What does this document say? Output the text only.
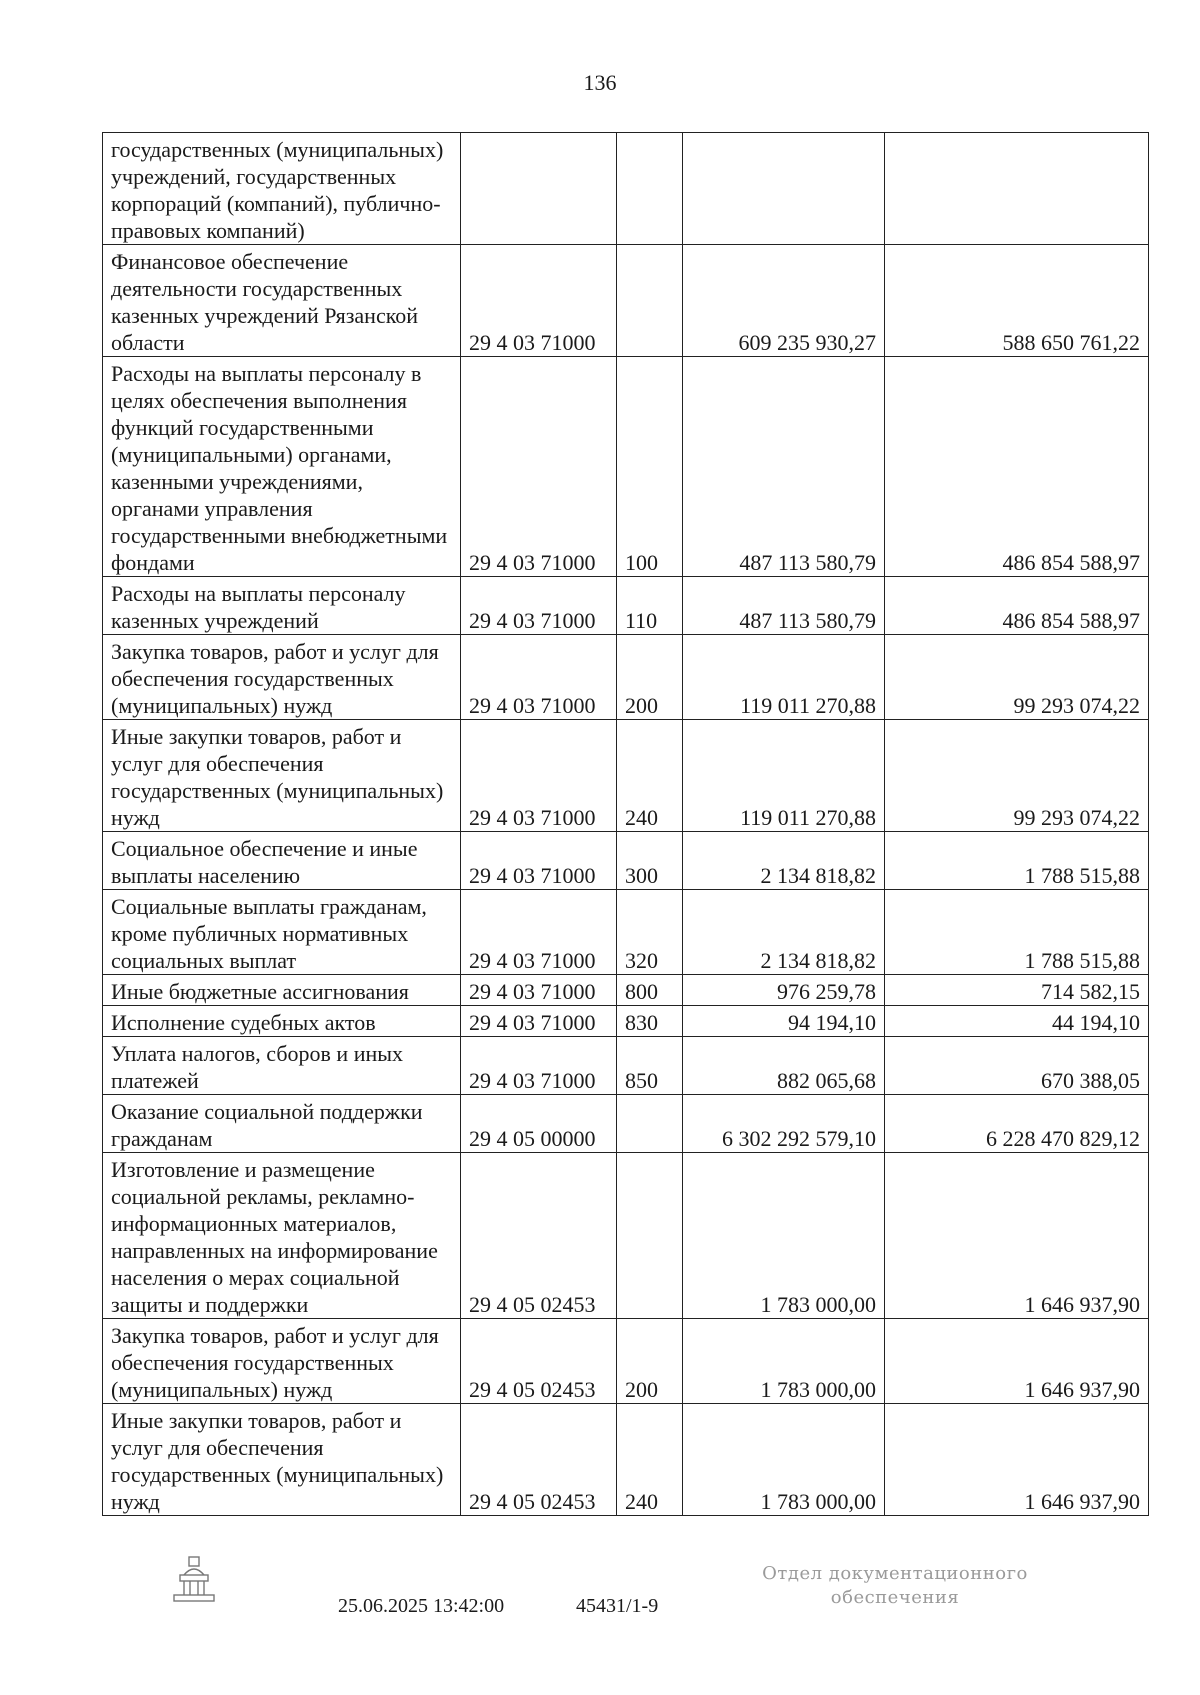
136
государственных (муниципальных) учреждений, государственных корпораций (компаний), публично-правовых компаний)				
Финансовое обеспечение деятельности государственных казенных учреждений Рязанской области	29 4 03 71000		609 235 930,27	588 650 761,22
Расходы на выплаты персоналу в целях обеспечения выполнения функций государственными (муниципальными) органами, казенными учреждениями, органами управления государственными внебюджетными фондами	29 4 03 71000	100	487 113 580,79	486 854 588,97
Расходы на выплаты персоналу казенных учреждений	29 4 03 71000	110	487 113 580,79	486 854 588,97
Закупка товаров, работ и услуг для обеспечения государственных (муниципальных) нужд	29 4 03 71000	200	119 011 270,88	99 293 074,22
Иные закупки товаров, работ и услуг для обеспечения государственных (муниципальных) нужд	29 4 03 71000	240	119 011 270,88	99 293 074,22
Социальное обеспечение и иные выплаты населению	29 4 03 71000	300	2 134 818,82	1 788 515,88
Социальные выплаты гражданам, кроме публичных нормативных социальных выплат	29 4 03 71000	320	2 134 818,82	1 788 515,88
Иные бюджетные ассигнования	29 4 03 71000	800	976 259,78	714 582,15
Исполнение судебных актов	29 4 03 71000	830	94 194,10	44 194,10
Уплата налогов, сборов и иных платежей	29 4 03 71000	850	882 065,68	670 388,05
Оказание социальной поддержки гражданам	29 4 05 00000		6 302 292 579,10	6 228 470 829,12
Изготовление и размещение социальной рекламы, рекламно-информационных материалов, направленных на информирование населения о мерах социальной защиты и поддержки	29 4 05 02453		1 783 000,00	1 646 937,90
Закупка товаров, работ и услуг для обеспечения государственных (муниципальных) нужд	29 4 05 02453	200	1 783 000,00	1 646 937,90
Иные закупки товаров, работ и услуг для обеспечения государственных (муниципальных) нужд	29 4 05 02453	240	1 783 000,00	1 646 937,90
25.06.2025 13:42:00	45431/1-9
Отдел документационного
обеспечения
